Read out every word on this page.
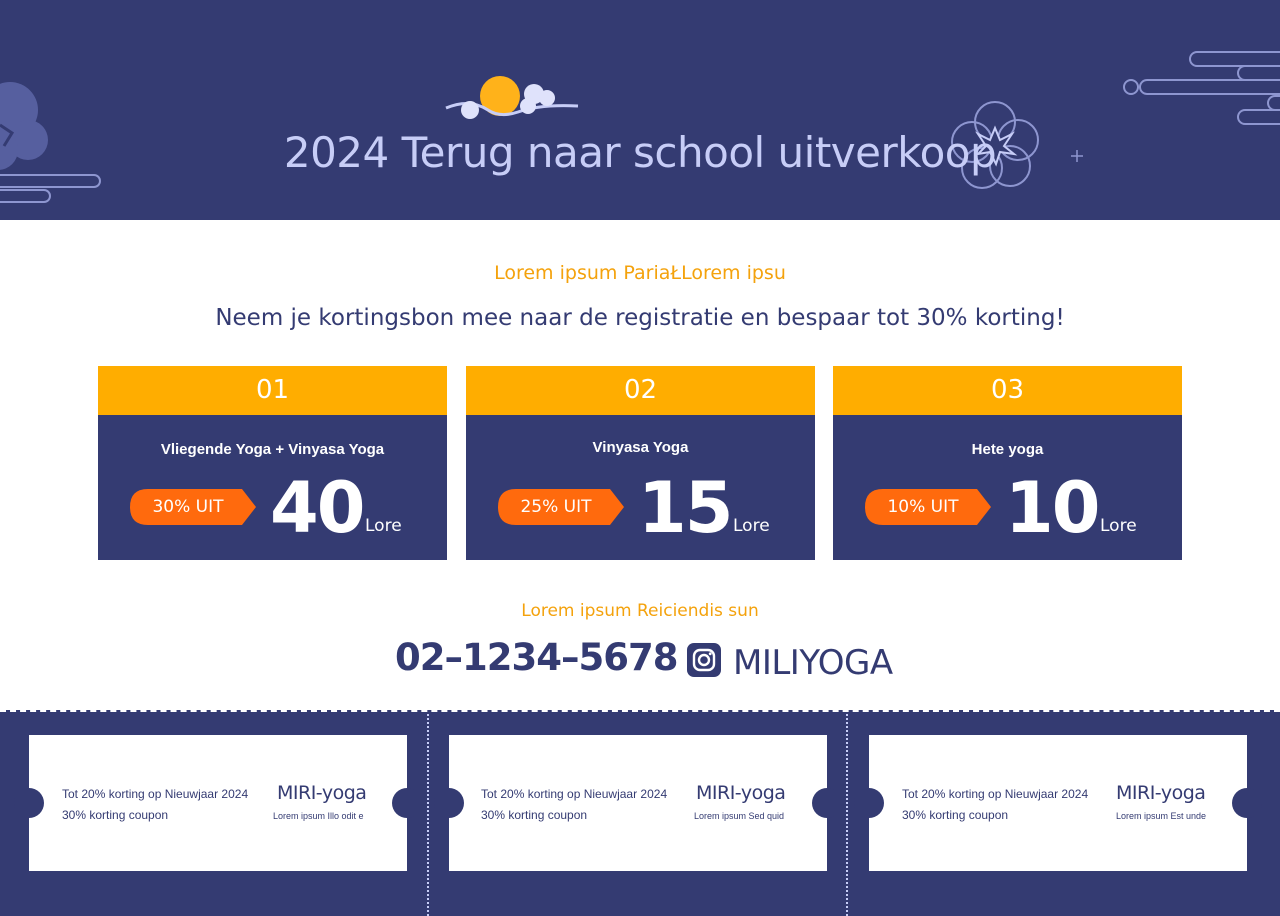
2024 Terug naar school uitverkoop
Lorem ipsum PariaŁLorem ipsu
Neem je kortingsbon mee naar de registratie en bespaar tot 30% korting!
01
Vliegende Yoga + Vinyasa Yoga
30% UIT 40 Lore
02
Vinyasa Yoga
25% UIT 15 Lore
03
Hete yoga
10% UIT 10 Lore
Lorem ipsum Reiciendis sun
02–1234–5678 MILIYOGA
Tot 20% korting op Nieuwjaar 2024
30% korting coupon
MIRI-yoga
Lorem ipsum Illo odit e
Tot 20% korting op Nieuwjaar 2024
30% korting coupon
MIRI-yoga
Lorem ipsum Sed quid
Tot 20% korting op Nieuwjaar 2024
30% korting coupon
MIRI-yoga
Lorem ipsum Est unde
